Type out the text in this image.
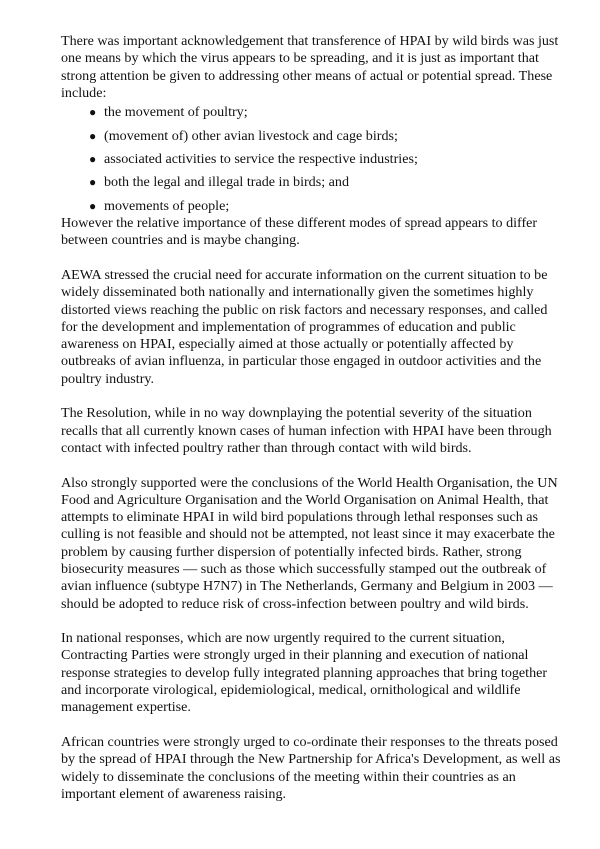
There was important acknowledgement that transference of HPAI by wild birds was just one means by which the virus appears to be spreading, and it is just as important that strong attention be given to addressing other means of actual or potential spread. These include:

● the movement of poultry;
● (movement of) other avian livestock and cage birds;
● associated activities to service the respective industries;
● both the legal and illegal trade in birds; and
● movements of people;

However the relative importance of these different modes of spread appears to differ between countries and is maybe changing.

AEWA stressed the crucial need for accurate information on the current situation to be widely disseminated both nationally and internationally given the sometimes highly distorted views reaching the public on risk factors and necessary responses, and called for the development and implementation of programmes of education and public awareness on HPAI, especially aimed at those actually or potentially affected by outbreaks of avian influenza, in particular those engaged in outdoor activities and the poultry industry.

The Resolution, while in no way downplaying the potential severity of the situation recalls that all currently known cases of human infection with HPAI have been through contact with infected poultry rather than through contact with wild birds.

Also strongly supported were the conclusions of the World Health Organisation, the UN Food and Agriculture Organisation and the World Organisation on Animal Health, that attempts to eliminate HPAI in wild bird populations through lethal responses such as culling is not feasible and should not be attempted, not least since it may exacerbate the problem by causing further dispersion of potentially infected birds. Rather, strong biosecurity measures — such as those which successfully stamped out the outbreak of avian influence (subtype H7N7) in The Netherlands, Germany and Belgium in 2003 — should be adopted to reduce risk of cross-infection between poultry and wild birds.

In national responses, which are now urgently required to the current situation, Contracting Parties were strongly urged in their planning and execution of national response strategies to develop fully integrated planning approaches that bring together and incorporate virological, epidemiological, medical, ornithological and wildlife management expertise.

African countries were strongly urged to co-ordinate their responses to the threats posed by the spread of HPAI through the New Partnership for Africa's Development, as well as widely to disseminate the conclusions of the meeting within their countries as an important element of awareness raising.
